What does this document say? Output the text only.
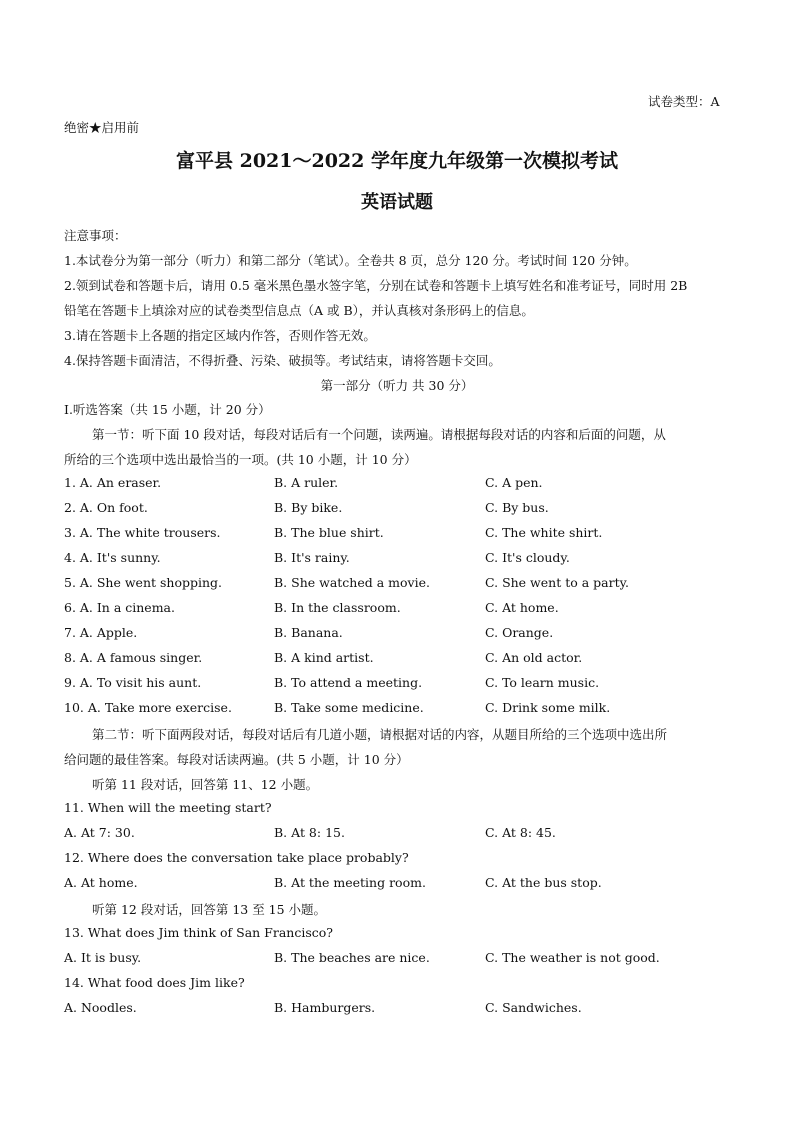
试卷类型：A
绝密★启用前
富平县 2021～2022 学年度九年级第一次模拟考试
英语试题
注意事项：
1.本试卷分为第一部分（听力）和第二部分（笔试）。全卷共 8 页，总分 120 分。考试时间 120 分钟。
2.领到试卷和答题卡后，请用 0.5 毫米黑色墨水签字笔，分别在试卷和答题卡上填写姓名和准考证号，同时用 2B
铅笔在答题卡上填涂对应的试卷类型信息点（A 或 B），并认真核对条形码上的信息。
3.请在答题卡上各题的指定区域内作答，否则作答无效。
4.保持答题卡面清洁，不得折叠、污染、破损等。考试结束，请将答题卡交回。
第一部分（听力 共 30 分）
I.听选答案（共 15 小题，计 20 分）
第一节：听下面 10 段对话，每段对话后有一个问题，读两遍。请根据每段对话的内容和后面的问题，从
所给的三个选项中选出最恰当的一项。(共 10 小题，计 10 分）
1. A. An eraser.	B. A ruler.	C. A pen.
2. A. On foot.	B. By bike.	C. By bus.
3. A. The white trousers.	B. The blue shirt.	C. The white shirt.
4. A. It's sunny.	B. It's rainy.	C. It's cloudy.
5. A. She went shopping.	B. She watched a movie.	C. She went to a party.
6. A. In a cinema.	B. In the classroom.	C. At home.
7. A. Apple.	B. Banana.	C. Orange.
8. A. A famous singer.	B. A kind artist.	C. An old actor.
9. A. To visit his aunt.	B. To attend a meeting.	C. To learn music.
10. A. Take more exercise.	B. Take some medicine.	C. Drink some milk.
第二节：听下面两段对话，每段对话后有几道小题，请根据对话的内容，从题目所给的三个选项中选出所
给问题的最佳答案。每段对话读两遍。(共 5 小题，计 10 分）
听第 11 段对话，回答第 11、12 小题。
11. When will the meeting start?
A. At 7: 30.	B. At 8: 15.	C. At 8: 45.
12. Where does the conversation take place probably?
A. At home.	B. At the meeting room.	C. At the bus stop.
听第 12 段对话，回答第 13 至 15 小题。
13. What does Jim think of San Francisco?
A. It is busy.	B. The beaches are nice.	C. The weather is not good.
14. What food does Jim like?
A. Noodles.	B. Hamburgers.	C. Sandwiches.
